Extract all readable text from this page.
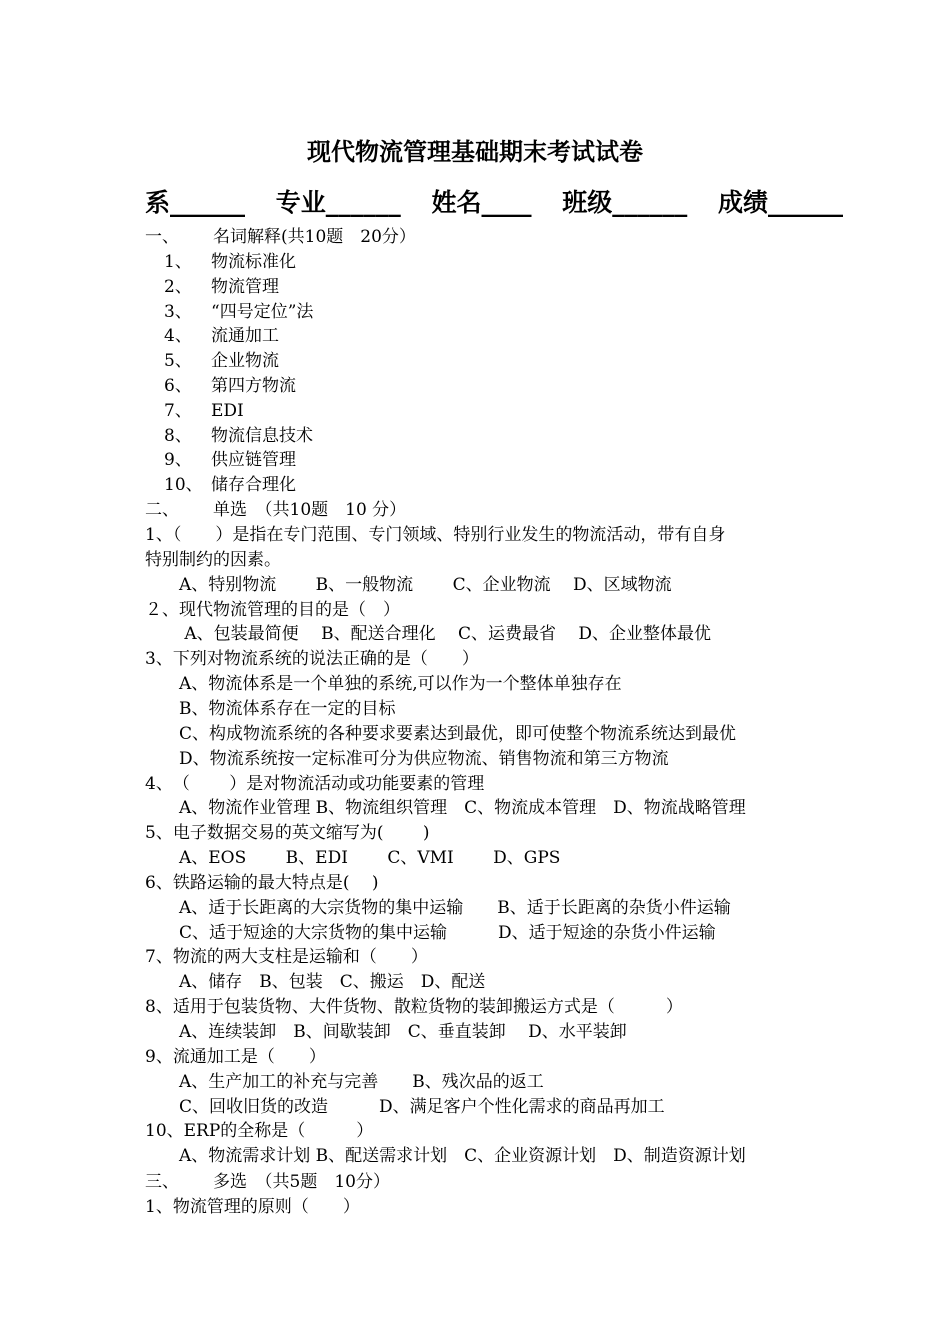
现代物流管理基础期末考试试卷
系______ 专业______ 姓名____ 班级______ 成绩______

一、 名词解释(共10题　20分）

1、 物流标准化

2、 物流管理

3、 “四号定位”法

4、 流通加工

5、 企业物流

6、 第四方物流

7、 EDI

8、 物流信息技术

9、 供应链管理

10、 储存合理化

二、 单选　（共10题　10 分）

1、（　　）是指在专门范围、专门领域、特别行业发生的物流活动，带有自身

特别制约的因素。

　　A、特别物流　　 B、一般物流　　 C、企业物流　 D、区域物流

２、现代物流管理的目的是（　）

　　 A、包装最简便　 B、配送合理化　 C、运费最省　 D、企业整体最优

3、下列对物流系统的说法正确的是（　　）

　　A、物流体系是一个单独的系统,可以作为一个整体单独存在

　　B、物流体系存在一定的目标

　　C、构成物流系统的各种要求要素达到最优，即可使整个物流系统达到最优

　　D、物流系统按一定标准可分为供应物流、销售物流和第三方物流

4、　（　　 ）是对物流活动或功能要素的管理

　　A、物流作业管理 B、物流组织管理　C、物流成本管理　D、物流战略管理

5、电子数据交易的英文缩写为(　　 )

　　A、EOS　　 B、EDI　　 C、VMI　　 D、GPS

6、铁路运输的最大特点是(　 )

　　A、适于长距离的大宗货物的集中运输　　B、适于长距离的杂货小件运输

　　C、适于短途的大宗货物的集中运输　　　D、适于短途的杂货小件运输

7、物流的两大支柱是运输和（　　）

　　A、储存　B、包装　C、搬运　D、配送

8、适用于包装货物、大件货物、散粒货物的装卸搬运方式是（　　　）

　　A、连续装卸　B、间歇装卸　C、垂直装卸　 D、水平装卸

9、流通加工是（　　）

　　A、生产加工的补充与完善　　B、残次品的返工

　　C、回收旧货的改造　　　D、满足客户个性化需求的商品再加工

10、ERP的全称是（　　　）

　　A、物流需求计划 B、配送需求计划　C、企业资源计划　D、制造资源计划

三、 多选　（共5题　10分）

1、物流管理的原则（　　）
